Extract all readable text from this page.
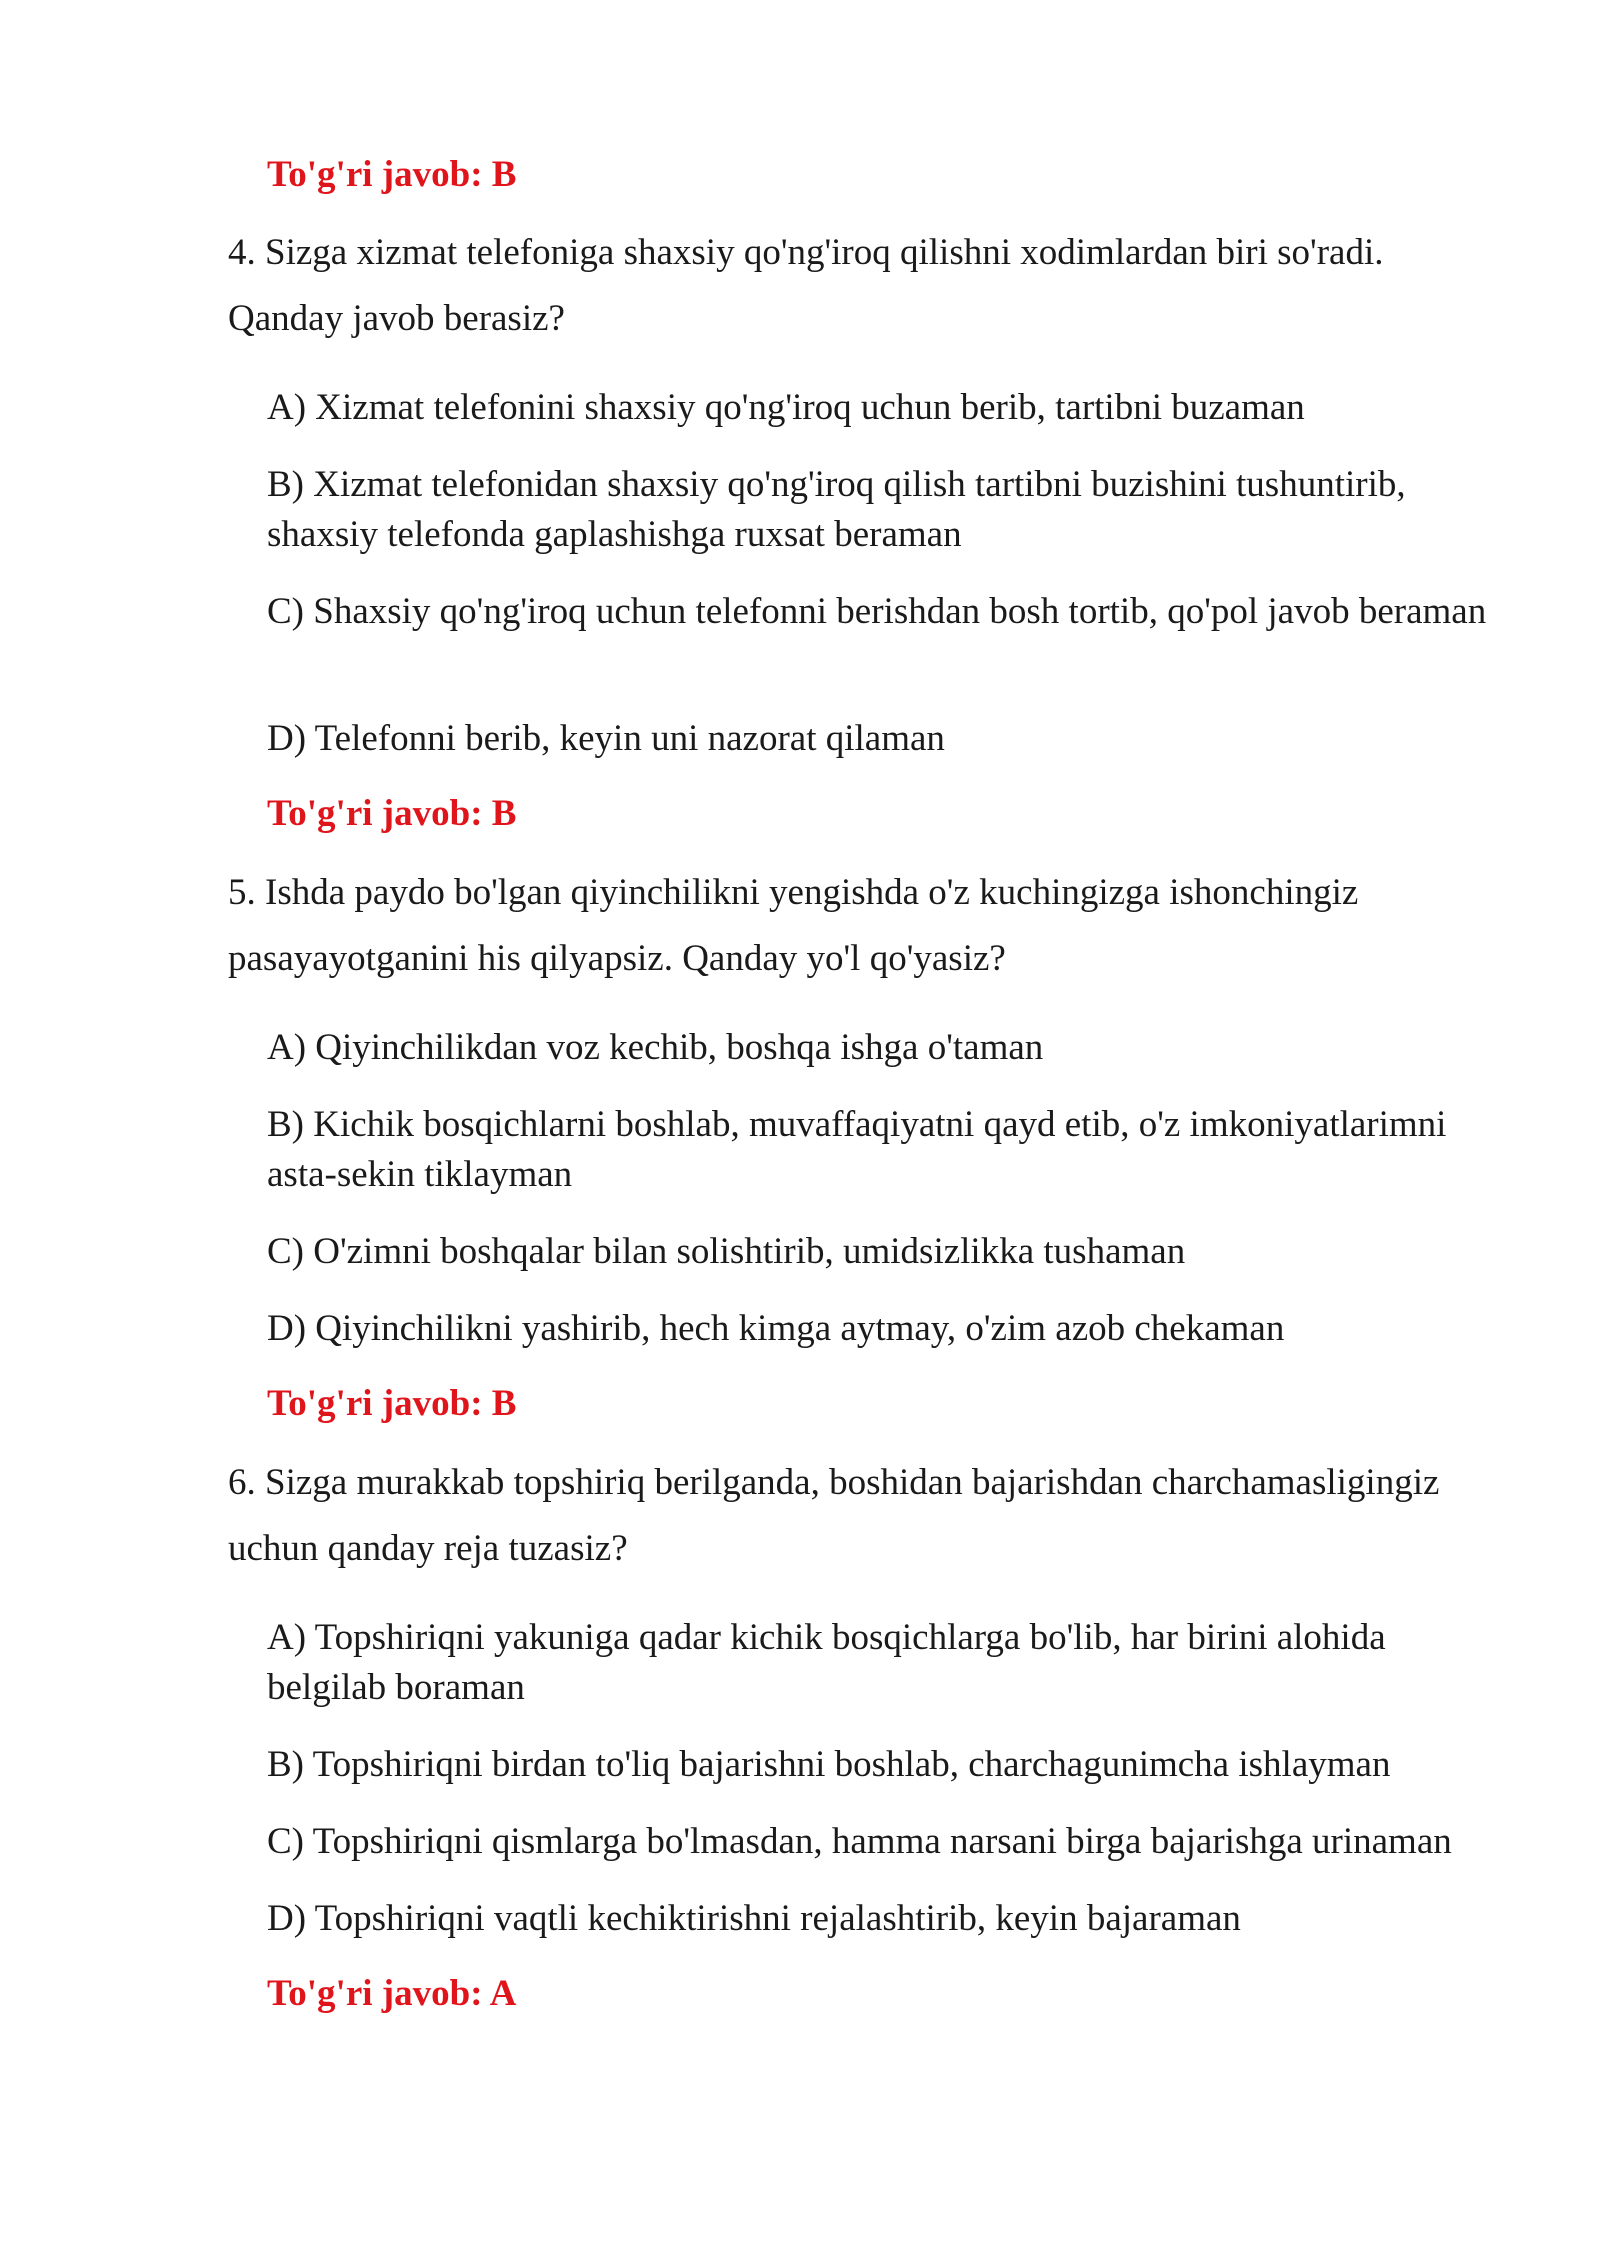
To'g'ri javob: B
4. Sizga xizmat telefoniga shaxsiy qo'ng'iroq qilishni xodimlardan biri so'radi. Qanday javob berasiz?
A) Xizmat telefonini shaxsiy qo'ng'iroq uchun berib, tartibni buzaman
B) Xizmat telefonidan shaxsiy qo'ng'iroq qilish tartibni buzishini tushuntirib, shaxsiy telefonda gaplashishga ruxsat beraman
C) Shaxsiy qo'ng'iroq uchun telefonni berishdan bosh tortib, qo'pol javob beraman
D) Telefonni berib, keyin uni nazorat qilaman
To'g'ri javob: B
5. Ishda paydo bo'lgan qiyinchilikni yengishda o'z kuchingizga ishonchingiz pasayayotganini his qilyapsiz. Qanday yo'l qo'yasiz?
A) Qiyinchilikdan voz kechib, boshqa ishga o'taman
B) Kichik bosqichlarni boshlab, muvaffaqiyatni qayd etib, o'z imkoniyatlarimni asta-sekin tiklayman
C) O'zimni boshqalar bilan solishtirib, umidsizlikka tushaman
D) Qiyinchilikni yashirib, hech kimga aytmay, o'zim azob chekaman
To'g'ri javob: B
6. Sizga murakkab topshiriq berilganda, boshidan bajarishdan charchamasligingiz uchun qanday reja tuzasiz?
A) Topshiriqni yakuniga qadar kichik bosqichlarga bo'lib, har birini alohida belgilab boraman
B) Topshiriqni birdan to'liq bajarishni boshlab, charchagunimcha ishlayman
C) Topshiriqni qismlarga bo'lmasdan, hamma narsani birga bajarishga urinaman
D) Topshiriqni vaqtli kechiktirishni rejalashtirib, keyin bajaraman
To'g'ri javob: A
